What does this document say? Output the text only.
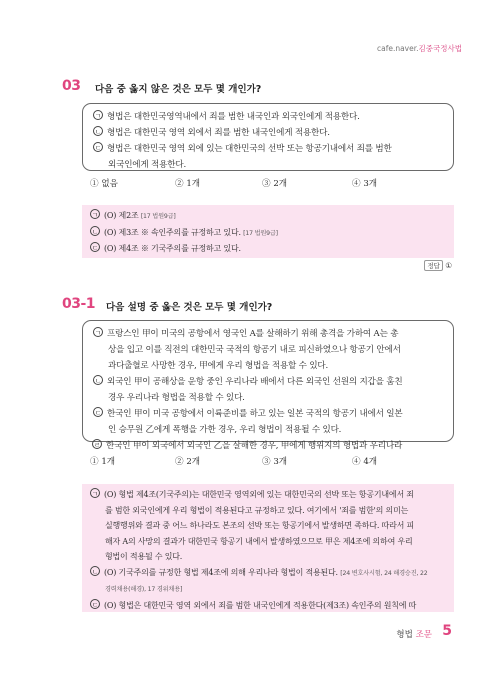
cafe.naver.김중국정사법
03 다음 중 옳지 않은 것은 모두 몇 개인가?
ㄱ 형법은 대한민국영역내에서 죄를 범한 내국인과 외국인에게 적용한다.
ㄴ 형법은 대한민국 영역 외에서 죄를 범한 내국인에게 적용한다.
ㄷ 형법은 대한민국 영역 외에 있는 대한민국의 선박 또는 항공기내에서 죄를 범한
외국인에게 적용한다.
① 없음	② 1개	③ 2개	④ 3개
ㄱ (O) 제2조 [17 법원9급]
ㄴ (O) 제3조 ※ 속인주의를 규정하고 있다. [17 법원9급]
ㄷ (O) 제4조 ※ 기국주의를 규정하고 있다.
정답 ①
03-1 다음 설명 중 옳은 것은 모두 몇 개인가?
ㄱ 프랑스인 甲이 미국의 공항에서 영국인 A를 살해하기 위해 총격을 가하여 A는 총
상을 입고 이를 직전의 대한민국 국적의 항공기 내로 피신하였으나 항공기 안에서
과다출혈로 사망한 경우, 甲에게 우리 형법을 적용할 수 있다.
ㄴ 외국인 甲이 공해상을 운항 중인 우리나라 배에서 다른 외국인 선원의 지갑을 훔친
경우 우리나라 형법을 적용할 수 있다.
ㄷ 한국인 甲이 미국 공항에서 이륙준비를 하고 있는 일본 국적의 항공기 내에서 일본
인 승무원 乙에게 폭행을 가한 경우, 우리 형법이 적용될 수 있다.
ㄹ 한국인 甲이 외국에서 외국인 乙을 살해한 경우, 甲에게 행위지의 형법과 우리나라
① 1개	② 2개	③ 3개	④ 4개
ㄱ (O) 형법 제4조(기국주의)는 대한민국 영역외에 있는 대한민국의 선박 또는 항공기내에서 죄
를 범한 외국인에게 우리 형법이 적용된다고 규정하고 있다. 여기에서 '죄를 범한'의 의미는
실행행위와 결과 중 어느 하나라도 본조의 선박 또는 항공기에서 발생하면 족하다. 따라서 피
해자 A의 사망의 결과가 대한민국 항공기 내에서 발생하였으므로 甲은 제4조에 의하여 우리
형법이 적용될 수 있다.
ㄴ (O) 기국주의를 규정한 형법 제4조에 의해 우리나라 형법이 적용된다. [24 변호사시험, 24 해경승진, 22
경력채용(해경), 17 경위채용]
ㄷ (O) 형법은 대한민국 영역 외에서 죄를 범한 내국인에게 적용한다(제3조) 속인주의 원칙에 따
형법 조문 5
